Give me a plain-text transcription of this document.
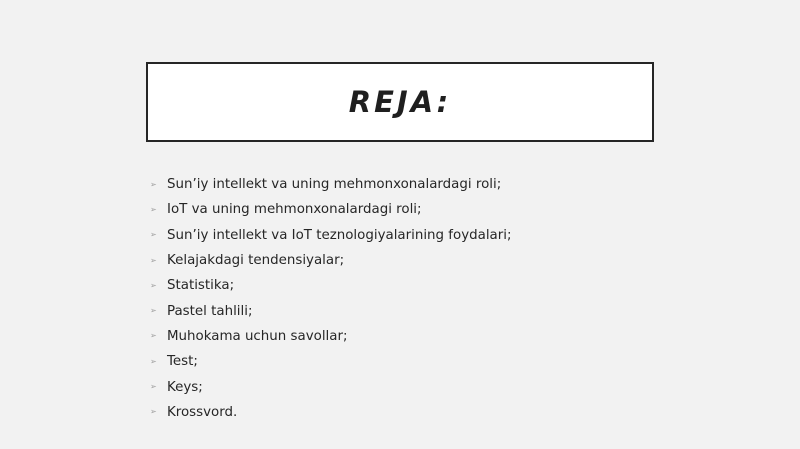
REJA:
➢ Sun’iy intellekt va uning mehmonxonalardagi roli;
➢ IoT va uning mehmonxonalardagi roli;
➢ Sun’iy intellekt va IoT teznologiyalarining foydalari;
➢ Kelajakdagi tendensiyalar;
➢ Statistika;
➢ Pastel tahlili;
➢ Muhokama uchun savollar;
➢ Test;
➢ Keys;
➢ Krossvord.
